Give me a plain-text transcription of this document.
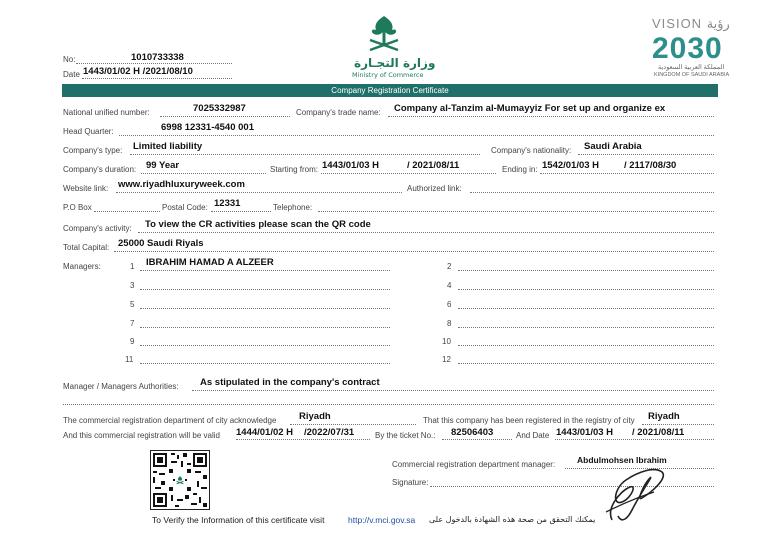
No:	1010733338
Date 1443/01/02 H /2021/08/10
وزارة التجـارة
Ministry of Commerce
VISION رؤية
2030
المملكة العربية السعودية
KINGDOM OF SAUDI ARABIA
Company Registration Certificate
National unified number:	7025332987	Company's trade name: Company al-Tanzim al-Mumayyiz For set up and organize ex
Head Quarter:	6998 12331-4540 001
Company's type: Limited liability	Company's nationality: Saudi Arabia
Company's duration: 99 Year	Starting from: 1443/01/03 H	/ 2021/08/11	Ending in: 1542/01/03 H	/ 2117/08/30
Website link: www.riyadhluxuryweek.com	Authorized link:
P.O Box	Postal Code: 12331	Telephone:
Company's activity: To view the CR activities please scan the QR code
Total Capital: 25000 Saudi Riyals
Managers:	1 IBRAHIM HAMAD A ALZEER	2
3	4
5	6
7	8
9	10
11	12
Manager / Managers Authorities: As stipulated in the company's contract
The commercial registration department of city acknowledge Riyadh	That this company has been registered in the registry of city Riyadh
And this commercial registration will be valid 1444/01/02 H /2022/07/31	By the ticket No.: 82506403	And Date 1443/01/03 H / 2021/08/11
Commercial registration department manager:	Abdulmohsen Ibrahim
Signature:
To Verify the Information of this certificate visit	http://v.mci.gov.sa يمكنك التحقق من صحة هذه الشهادة بالدخول على
